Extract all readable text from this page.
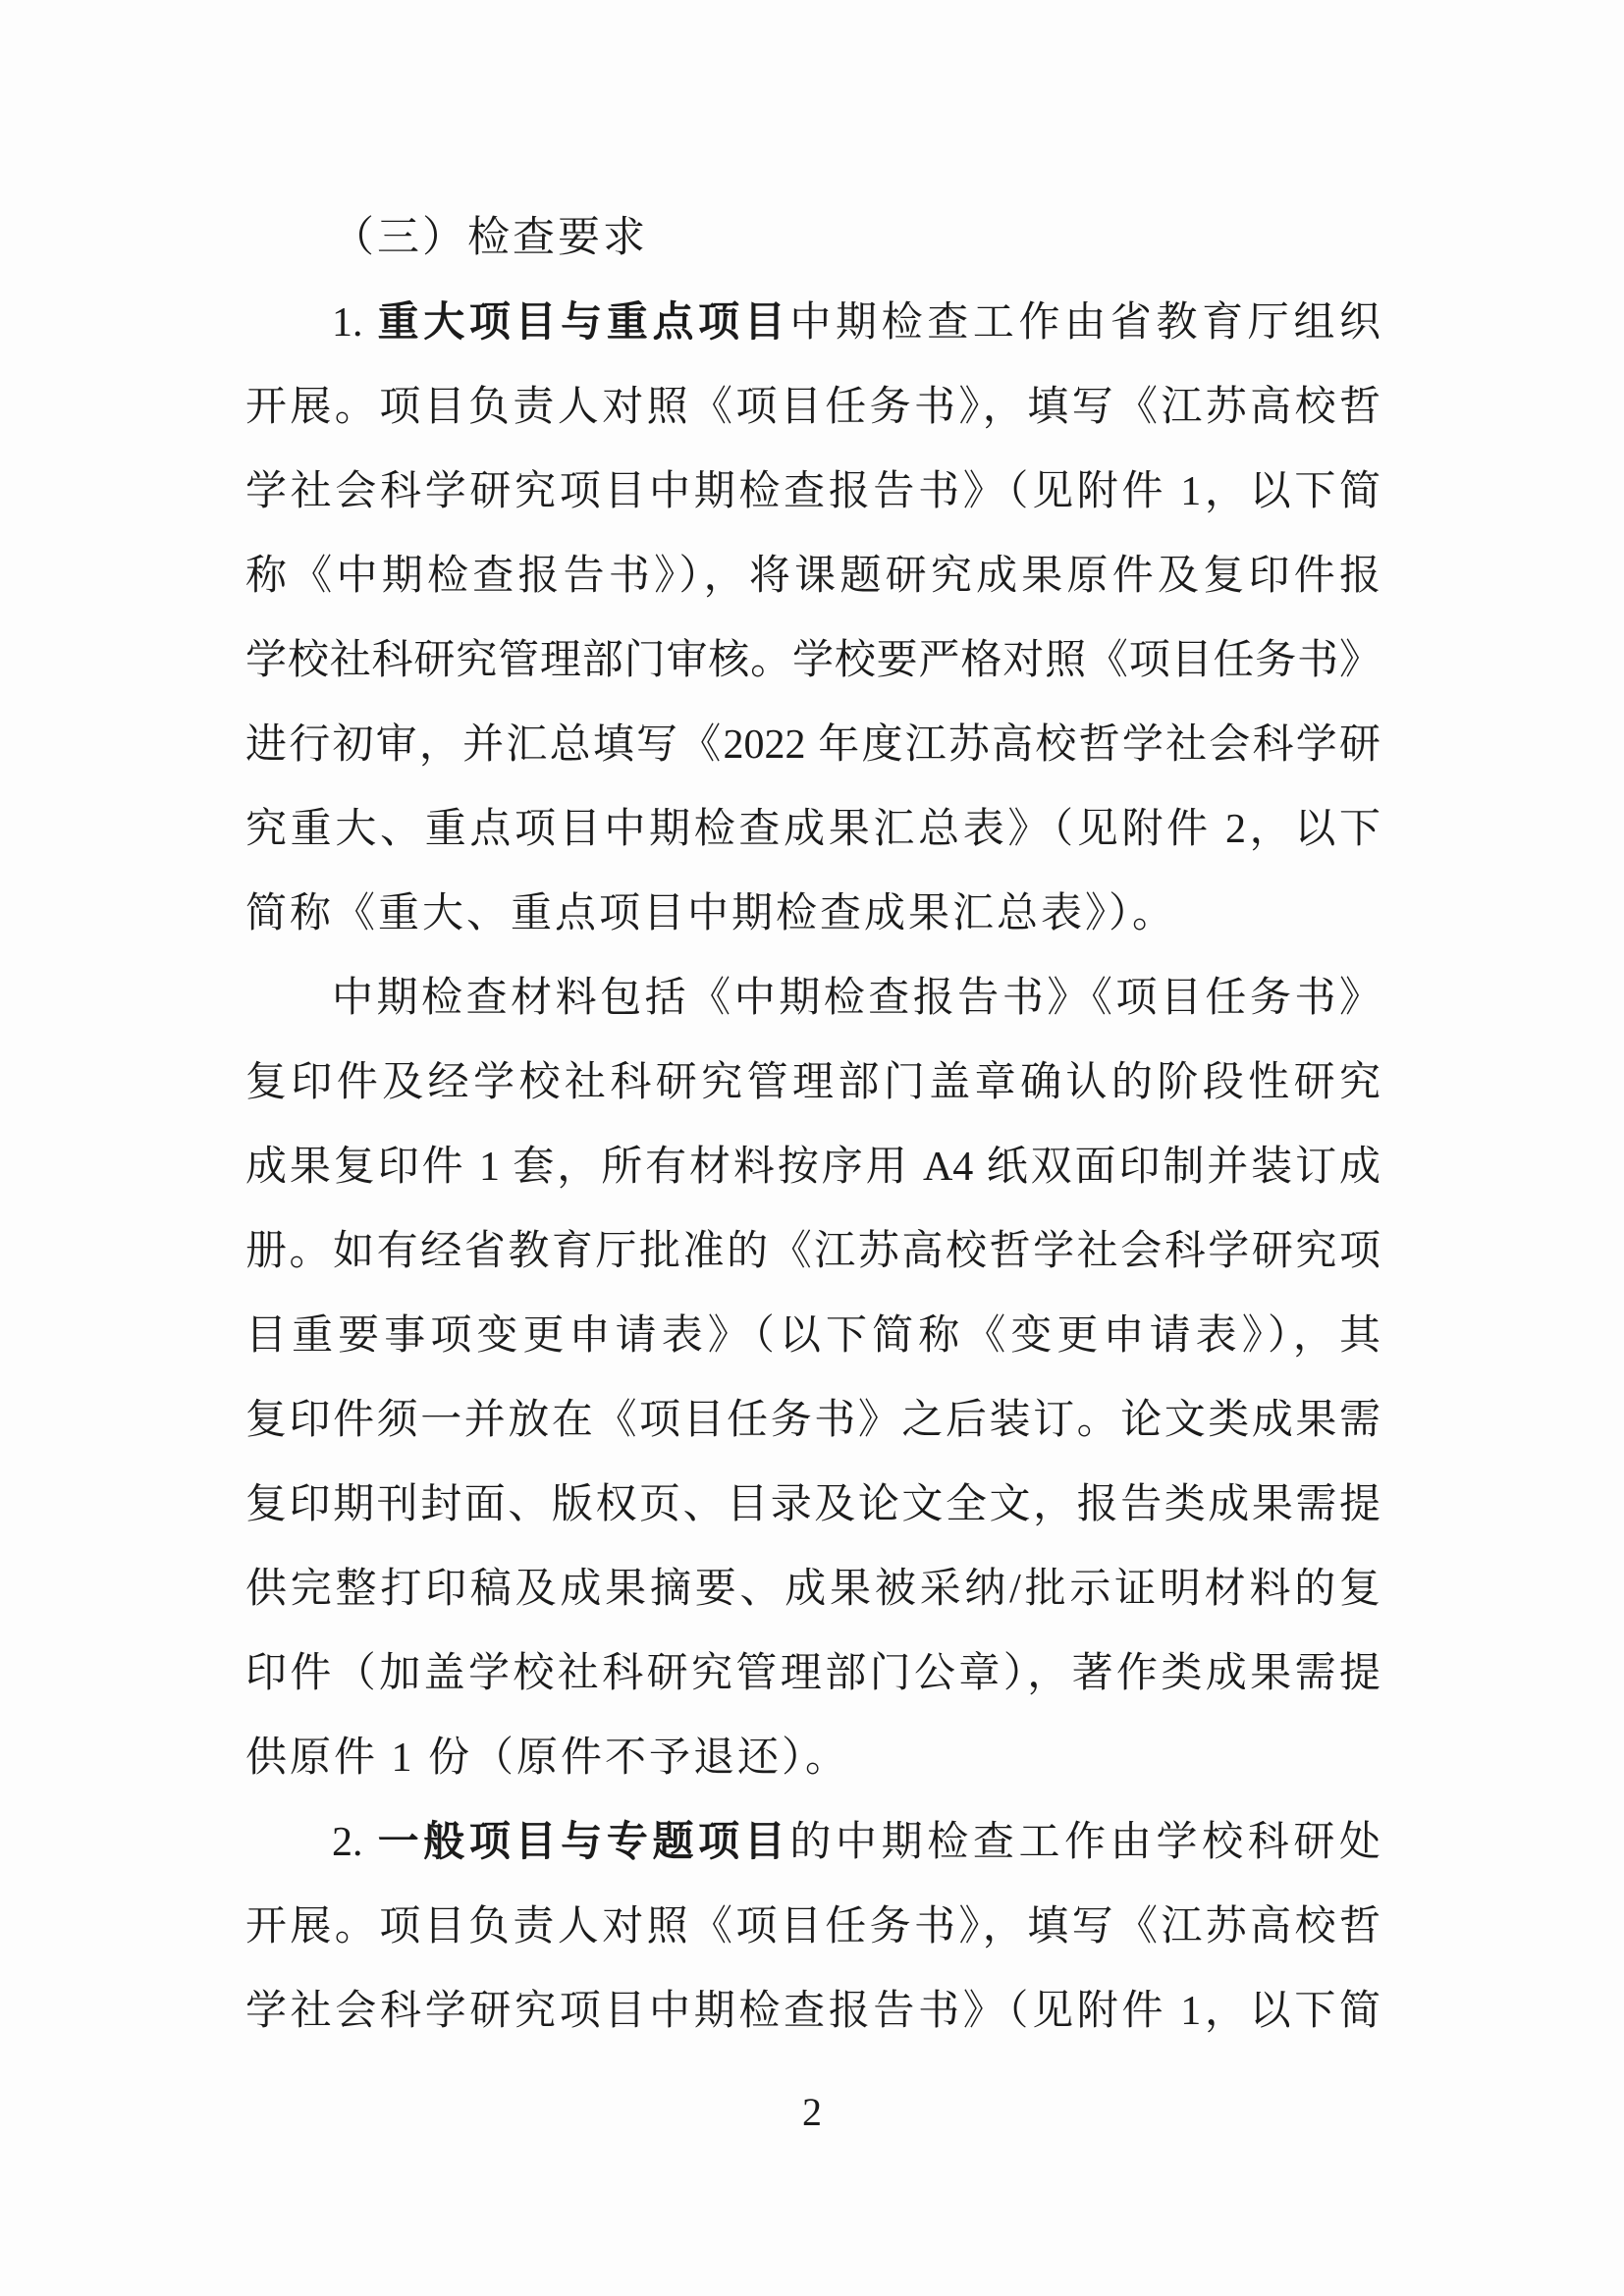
（三）检查要求
1. 重大项目与重点项目中期检查工作由省教育厅组织
开展。项目负责人对照《项目任务书》，填写《江苏高校哲
学社会科学研究项目中期检查报告书》（见附件 1，以下简
称《中期检查报告书》），将课题研究成果原件及复印件报
学校社科研究管理部门审核。学校要严格对照《项目任务书》
进行初审，并汇总填写《2022 年度江苏高校哲学社会科学研
究重大、重点项目中期检查成果汇总表》（见附件 2，以下
简称《重大、重点项目中期检查成果汇总表》）。
中期检查材料包括《中期检查报告书》《项目任务书》
复印件及经学校社科研究管理部门盖章确认的阶段性研究
成果复印件 1 套，所有材料按序用 A4 纸双面印制并装订成
册。如有经省教育厅批准的《江苏高校哲学社会科学研究项
目重要事项变更申请表》（以下简称《变更申请表》），其
复印件须一并放在《项目任务书》之后装订。论文类成果需
复印期刊封面、版权页、目录及论文全文，报告类成果需提
供完整打印稿及成果摘要、成果被采纳/批示证明材料的复
印件（加盖学校社科研究管理部门公章），著作类成果需提
供原件 1 份（原件不予退还）。
2. 一般项目与专题项目的中期检查工作由学校科研处
开展。项目负责人对照《项目任务书》，填写《江苏高校哲
学社会科学研究项目中期检查报告书》（见附件 1，以下简
2
